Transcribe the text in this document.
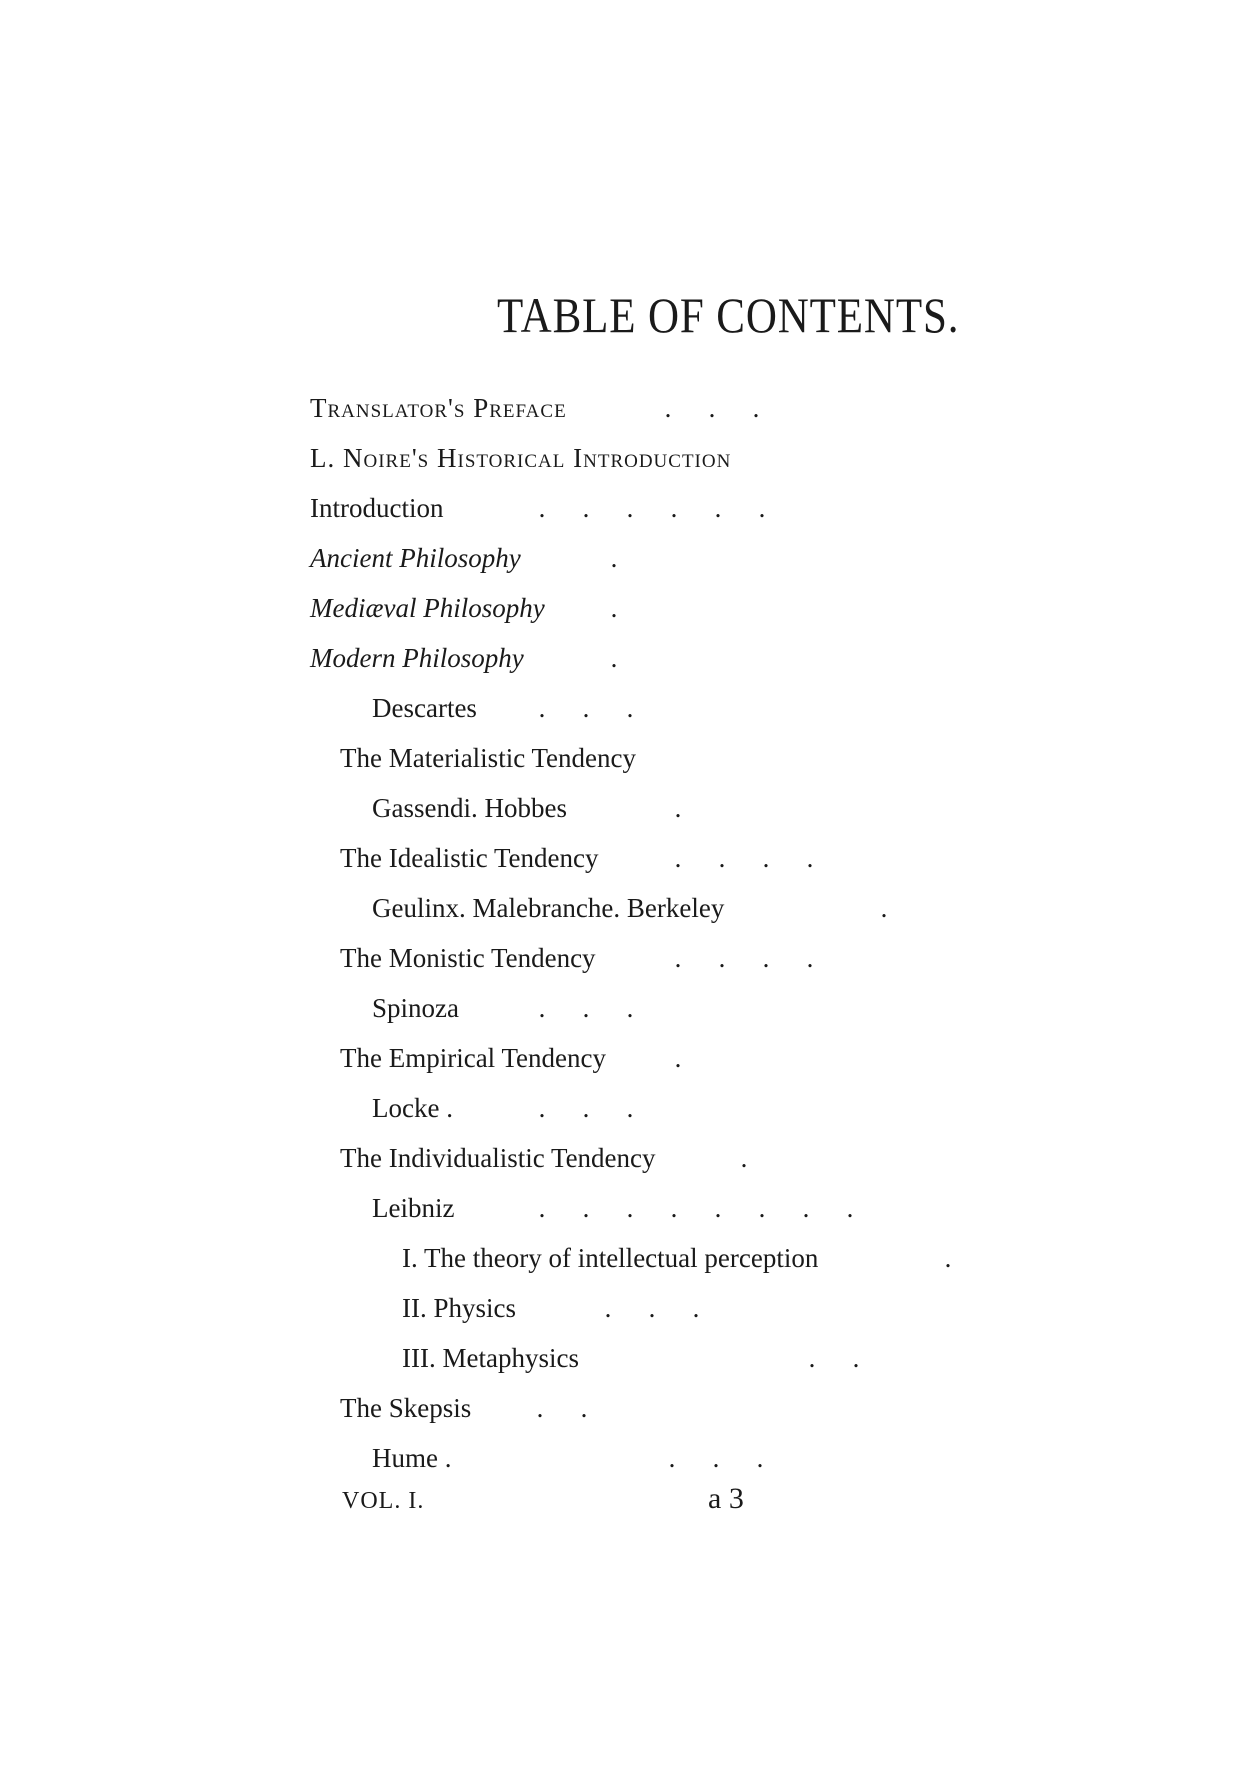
TABLE OF CONTENTS.
Translator's Preface	. . .
L. Noire's Historical Introduction
Introduction	. . . . . .
Ancient Philosophy	.
Mediæval Philosophy	.
Modern Philosophy	.
Descartes	. . .
The Materialistic Tendency
Gassendi. Hobbes	.
The Idealistic Tendency	. . . .
Geulinx. Malebranche. Berkeley	.
The Monistic Tendency	. . . .
Spinoza	. . .
The Empirical Tendency	.
Locke .	. . .
The Individualistic Tendency	.
Leibniz	. . . . . . . .
I. The theory of intellectual perception	.
II. Physics	. . .
III. Metaphysics	. .
The Skepsis	. .
Hume .	. . .
VOL. I.	a 3
